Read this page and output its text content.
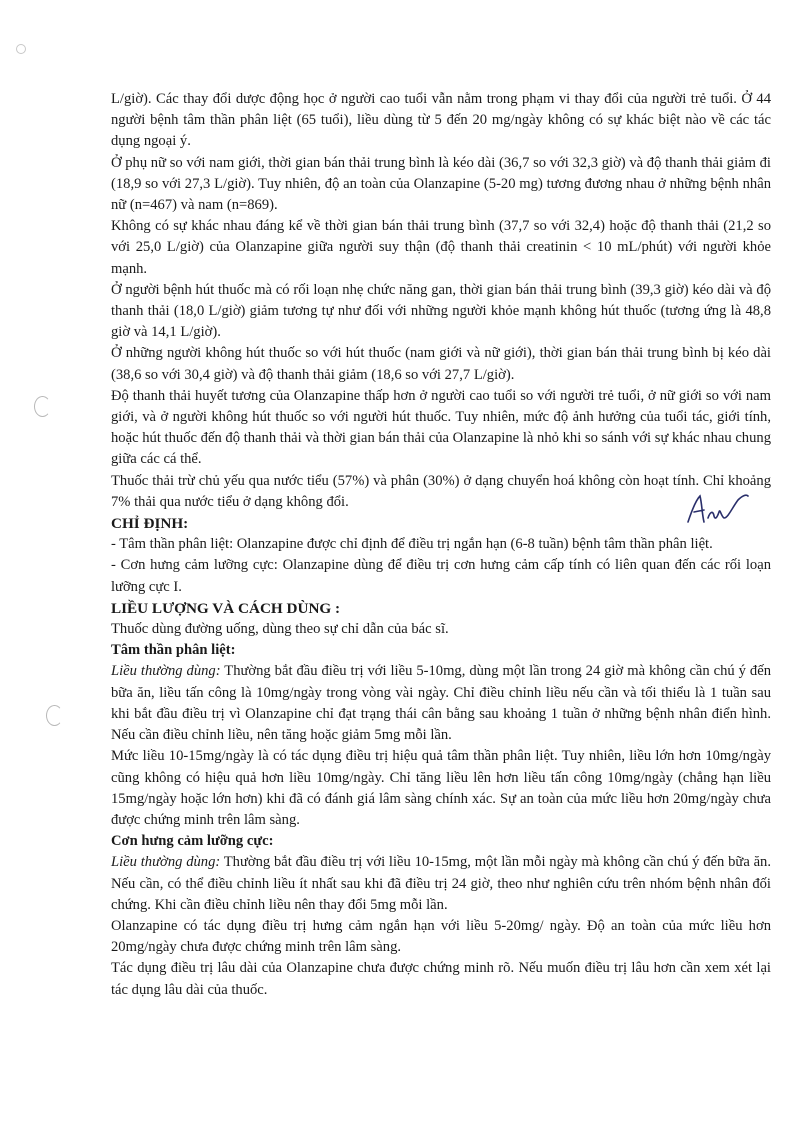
L/giờ). Các thay đổi dược động học ở người cao tuổi vẫn nằm trong phạm vi thay đổi của người trẻ tuổi. Ở 44 người bệnh tâm thần phân liệt (65 tuổi), liều dùng từ 5 đến 20 mg/ngày không có sự khác biệt nào về các tác dụng ngoại ý.

Ở phụ nữ so với nam giới, thời gian bán thải trung bình là kéo dài (36,7 so với 32,3 giờ) và độ thanh thải giảm đi (18,9 so với 27,3 L/giờ). Tuy nhiên, độ an toàn của Olanzapine (5-20 mg) tương đương nhau ở những bệnh nhân nữ (n=467) và nam (n=869).

Không có sự khác nhau đáng kể về thời gian bán thải trung bình (37,7 so với 32,4) hoặc độ thanh thải (21,2 so với 25,0 L/giờ) của Olanzapine giữa người suy thận (độ thanh thải creatinin < 10 mL/phút) với người khỏe mạnh.

Ở người bệnh hút thuốc mà có rối loạn nhẹ chức năng gan, thời gian bán thải trung bình (39,3 giờ) kéo dài và độ thanh thải (18,0 L/giờ) giảm tương tự như đối với những người khỏe mạnh không hút thuốc (tương ứng là 48,8 giờ và 14,1 L/giờ).

Ở những người không hút thuốc so với hút thuốc (nam giới và nữ giới), thời gian bán thải trung bình bị kéo dài (38,6 so với 30,4 giờ) và độ thanh thải giảm (18,6 so với 27,7 L/giờ).

Độ thanh thải huyết tương của Olanzapine thấp hơn ở người cao tuổi so với người trẻ tuổi, ở nữ giới so với nam giới, và ở người không hút thuốc so với người hút thuốc. Tuy nhiên, mức độ ảnh hưởng của tuổi tác, giới tính, hoặc hút thuốc đến độ thanh thải và thời gian bán thải của Olanzapine là nhỏ khi so sánh với sự khác nhau chung giữa các cá thể.

Thuốc thải trừ chủ yếu qua nước tiểu (57%) và phân (30%) ở dạng chuyển hoá không còn hoạt tính. Chỉ khoảng 7% thải qua nước tiểu ở dạng không đổi.

CHỈ ĐỊNH:

- Tâm thần phân liệt: Olanzapine được chỉ định để điều trị ngắn hạn (6-8 tuần) bệnh tâm thần phân liệt.

- Cơn hưng cảm lưỡng cực: Olanzapine dùng để điều trị cơn hưng cảm cấp tính có liên quan đến các rối loạn lưỡng cực I.

LIỀU LƯỢNG VÀ CÁCH DÙNG :

Thuốc dùng đường uống, dùng theo sự chỉ dẫn của bác sĩ.

Tâm thần phân liệt:

Liều thường dùng: Thường bắt đầu điều trị với liều 5-10mg, dùng một lần trong 24 giờ mà không cần chú ý đến bữa ăn, liều tấn công là 10mg/ngày trong vòng vài ngày. Chỉ điều chỉnh liều nếu cần và tối thiểu là 1 tuần sau khi bắt đầu điều trị vì Olanzapine chỉ đạt trạng thái cân bằng sau khoảng 1 tuần ở những bệnh nhân điển hình. Nếu cần điều chỉnh liều, nên tăng hoặc giảm 5mg mỗi lần.

Mức liều 10-15mg/ngày là có tác dụng điều trị hiệu quả tâm thần phân liệt. Tuy nhiên, liều lớn hơn 10mg/ngày cũng không có hiệu quả hơn liều 10mg/ngày. Chỉ tăng liều lên hơn liều tấn công 10mg/ngày (chẳng hạn liều 15mg/ngày hoặc lớn hơn) khi đã có đánh giá lâm sàng chính xác. Sự an toàn của mức liều hơn 20mg/ngày chưa được chứng minh trên lâm sàng.

Cơn hưng cảm lưỡng cực:

Liều thường dùng: Thường bắt đầu điều trị với liều 10-15mg, một lần mỗi ngày mà không cần chú ý đến bữa ăn. Nếu cần, có thể điều chỉnh liều ít nhất sau khi đã điều trị 24 giờ, theo như nghiên cứu trên nhóm bệnh nhân đối chứng. Khi cần điều chỉnh liều nên thay đổi 5mg mỗi lần.

Olanzapine có tác dụng điều trị hưng cảm ngắn hạn với liều 5-20mg/ ngày. Độ an toàn của mức liều hơn 20mg/ngày chưa được chứng minh trên lâm sàng.

Tác dụng điều trị lâu dài của Olanzapine chưa được chứng minh rõ. Nếu muốn điều trị lâu hơn cần xem xét lại tác dụng lâu dài của thuốc.
